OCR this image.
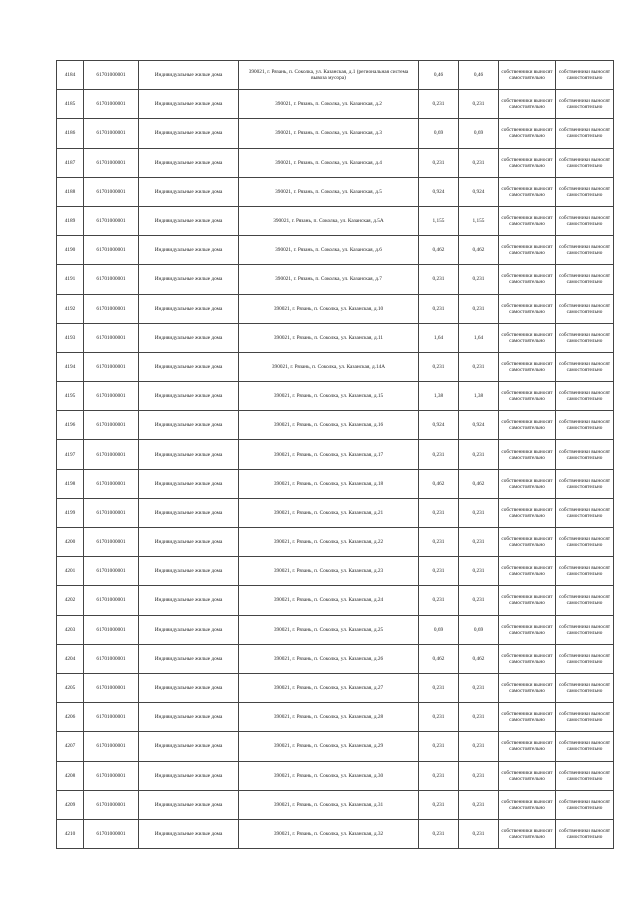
4184	61701000001	Индивидуальные жилые дома	390021, г. Рязань, п. Соколка, ул. Казанская, д.1 (региональная система вывоза мусора)	0,46	0,46	собственники выносят самостоятельно	собственники выносят самостоятельно
4185	61701000001	Индивидуальные жилые дома	390021, г. Рязань, п. Соколка, ул. Казанская, д.2	0,231	0,231	собственники выносят самостоятельно	собственники выносят самостоятельно
4186	61701000001	Индивидуальные жилые дома	390021, г. Рязань, п. Соколка, ул. Казанская, д.3	0,69	0,69	собственники выносят самостоятельно	собственники выносят самостоятельно
4187	61701000001	Индивидуальные жилые дома	390021, г. Рязань, п. Соколка, ул. Казанская, д.4	0,231	0,231	собственники выносят самостоятельно	собственники выносят самостоятельно
4188	61701000001	Индивидуальные жилые дома	390021, г. Рязань, п. Соколка, ул. Казанская, д.5	0,924	0,924	собственники выносят самостоятельно	собственники выносят самостоятельно
4189	61701000001	Индивидуальные жилые дома	390021, г. Рязань, п. Соколка, ул. Казанская, д.5А	1,155	1,155	собственники выносят самостоятельно	собственники выносят самостоятельно
4190	61701000001	Индивидуальные жилые дома	390021, г. Рязань, п. Соколка, ул. Казанская, д.6	0,462	0,462	собственники выносят самостоятельно	собственники выносят самостоятельно
4191	61701000001	Индивидуальные жилые дома	390021, г. Рязань, п. Соколка, ул. Казанская, д.7	0,231	0,231	собственники выносят самостоятельно	собственники выносят самостоятельно
4192	61701000001	Индивидуальные жилые дома	390021, г. Рязань, п. Соколка, ул. Казанская, д.10	0,231	0,231	собственники выносят самостоятельно	собственники выносят самостоятельно
4193	61701000001	Индивидуальные жилые дома	390021, г. Рязань, п. Соколка, ул. Казанская, д.11	1,64	1,64	собственники выносят самостоятельно	собственники выносят самостоятельно
4194	61701000001	Индивидуальные жилые дома	390021, г. Рязань, п. Соколка, ул. Казанская, д.14А	0,231	0,231	собственники выносят самостоятельно	собственники выносят самостоятельно
4195	61701000001	Индивидуальные жилые дома	390021, г. Рязань, п. Соколка, ул. Казанская, д.15	1,38	1,38	собственники выносят самостоятельно	собственники выносят самостоятельно
4196	61701000001	Индивидуальные жилые дома	390021, г. Рязань, п. Соколка, ул. Казанская, д.16	0,924	0,924	собственники выносят самостоятельно	собственники выносят самостоятельно
4197	61701000001	Индивидуальные жилые дома	390021, г. Рязань, п. Соколка, ул. Казанская, д.17	0,231	0,231	собственники выносят самостоятельно	собственники выносят самостоятельно
4198	61701000001	Индивидуальные жилые дома	390021, г. Рязань, п. Соколка, ул. Казанская, д.18	0,462	0,462	собственники выносят самостоятельно	собственники выносят самостоятельно
4199	61701000001	Индивидуальные жилые дома	390021, г. Рязань, п. Соколка, ул. Казанская, д.21	0,231	0,231	собственники выносят самостоятельно	собственники выносят самостоятельно
4200	61701000001	Индивидуальные жилые дома	390021, г. Рязань, п. Соколка, ул. Казанская, д.22	0,231	0,231	собственники выносят самостоятельно	собственники выносят самостоятельно
4201	61701000001	Индивидуальные жилые дома	390021, г. Рязань, п. Соколка, ул. Казанская, д.23	0,231	0,231	собственники выносят самостоятельно	собственники выносят самостоятельно
4202	61701000001	Индивидуальные жилые дома	390021, г. Рязань, п. Соколка, ул. Казанская, д.24	0,231	0,231	собственники выносят самостоятельно	собственники выносят самостоятельно
4203	61701000001	Индивидуальные жилые дома	390021, г. Рязань, п. Соколка, ул. Казанская, д.25	0,69	0,69	собственники выносят самостоятельно	собственники выносят самостоятельно
4204	61701000001	Индивидуальные жилые дома	390021, г. Рязань, п. Соколка, ул. Казанская, д.26	0,462	0,462	собственники выносят самостоятельно	собственники выносят самостоятельно
4205	61701000001	Индивидуальные жилые дома	390021, г. Рязань, п. Соколка, ул. Казанская, д.27	0,231	0,231	собственники выносят самостоятельно	собственники выносят самостоятельно
4206	61701000001	Индивидуальные жилые дома	390021, г. Рязань, п. Соколка, ул. Казанская, д.28	0,231	0,231	собственники выносят самостоятельно	собственники выносят самостоятельно
4207	61701000001	Индивидуальные жилые дома	390021, г. Рязань, п. Соколка, ул. Казанская, д.29	0,231	0,231	собственники выносят самостоятельно	собственники выносят самостоятельно
4208	61701000001	Индивидуальные жилые дома	390021, г. Рязань, п. Соколка, ул. Казанская, д.30	0,231	0,231	собственники выносят самостоятельно	собственники выносят самостоятельно
4209	61701000001	Индивидуальные жилые дома	390021, г. Рязань, п. Соколка, ул. Казанская, д.31	0,231	0,231	собственники выносят самостоятельно	собственники выносят самостоятельно
4210	61701000001	Индивидуальные жилые дома	390021, г. Рязань, п. Соколка, ул. Казанская, д.32	0,231	0,231	собственники выносят самостоятельно	собственники выносят самостоятельно
